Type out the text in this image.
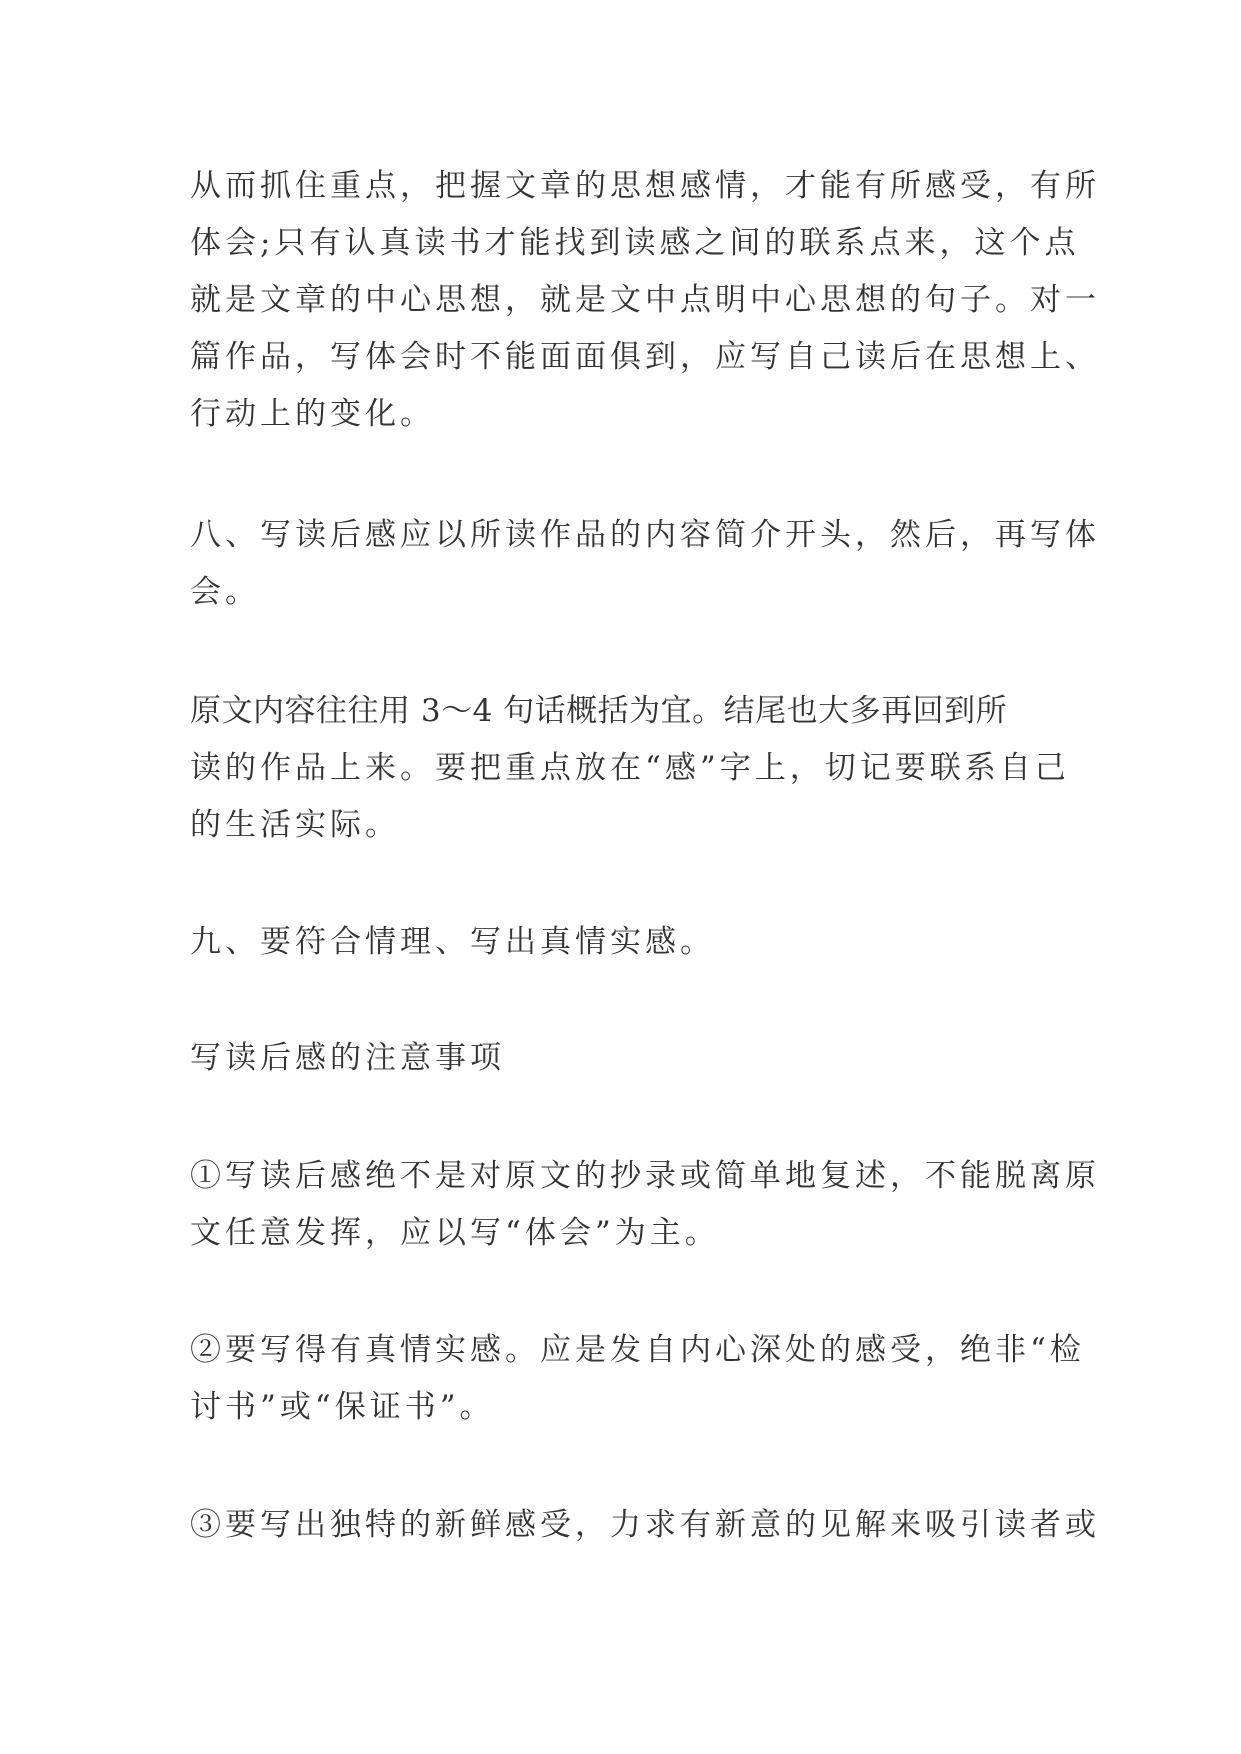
从而抓住重点，把握文章的思想感情，才能有所感受，有所
体会;只有认真读书才能找到读感之间的联系点来，这个点
就是文章的中心思想，就是文中点明中心思想的句子。对一
篇作品，写体会时不能面面俱到，应写自己读后在思想上、
行动上的变化。
八、写读后感应以所读作品的内容简介开头，然后，再写体
会。
原文内容往往用 3～4 句话概括为宜。结尾也大多再回到所
读的作品上来。要把重点放在“感”字上，切记要联系自己
的生活实际。
九、要符合情理、写出真情实感。
写读后感的注意事项
①写读后感绝不是对原文的抄录或简单地复述，不能脱离原
文任意发挥，应以写“体会”为主。
②要写得有真情实感。应是发自内心深处的感受，绝非“检
讨书”或“保证书”。
③要写出独特的新鲜感受，力求有新意的见解来吸引读者或
